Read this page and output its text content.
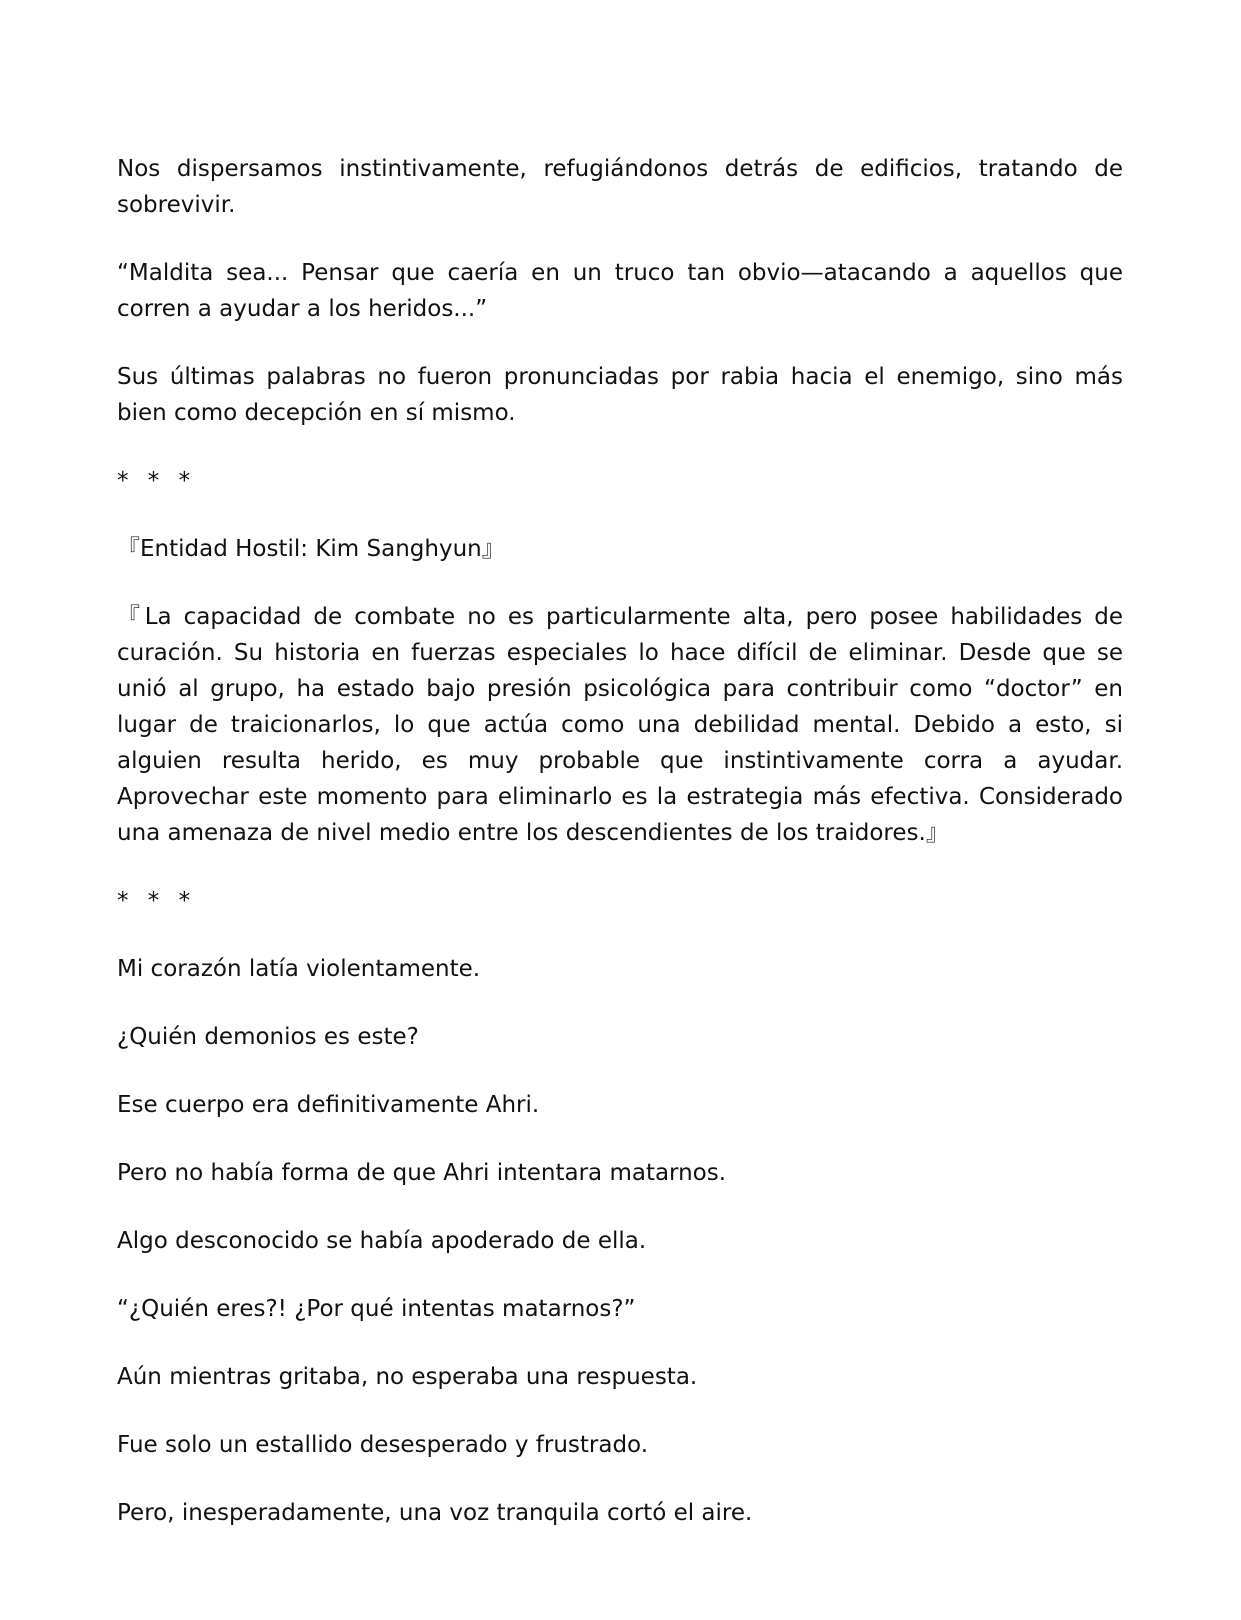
Nos dispersamos instintivamente, refugiándonos detrás de edificios, tratando de sobrevivir.

“Maldita sea... Pensar que caería en un truco tan obvio—atacando a aquellos que corren a ayudar a los heridos...”

Sus últimas palabras no fueron pronunciadas por rabia hacia el enemigo, sino más bien como decepción en sí mismo.

* * *

『Entidad Hostil: Kim Sanghyun』

『La capacidad de combate no es particularmente alta, pero posee habilidades de curación. Su historia en fuerzas especiales lo hace difícil de eliminar. Desde que se unió al grupo, ha estado bajo presión psicológica para contribuir como “doctor” en lugar de traicionarlos, lo que actúa como una debilidad mental. Debido a esto, si alguien resulta herido, es muy probable que instintivamente corra a ayudar. Aprovechar este momento para eliminarlo es la estrategia más efectiva. Considerado una amenaza de nivel medio entre los descendientes de los traidores.』

* * *

Mi corazón latía violentamente.

¿Quién demonios es este?

Ese cuerpo era definitivamente Ahri.

Pero no había forma de que Ahri intentara matarnos.

Algo desconocido se había apoderado de ella.

“¿Quién eres?! ¿Por qué intentas matarnos?”

Aún mientras gritaba, no esperaba una respuesta.

Fue solo un estallido desesperado y frustrado.

Pero, inesperadamente, una voz tranquila cortó el aire.
